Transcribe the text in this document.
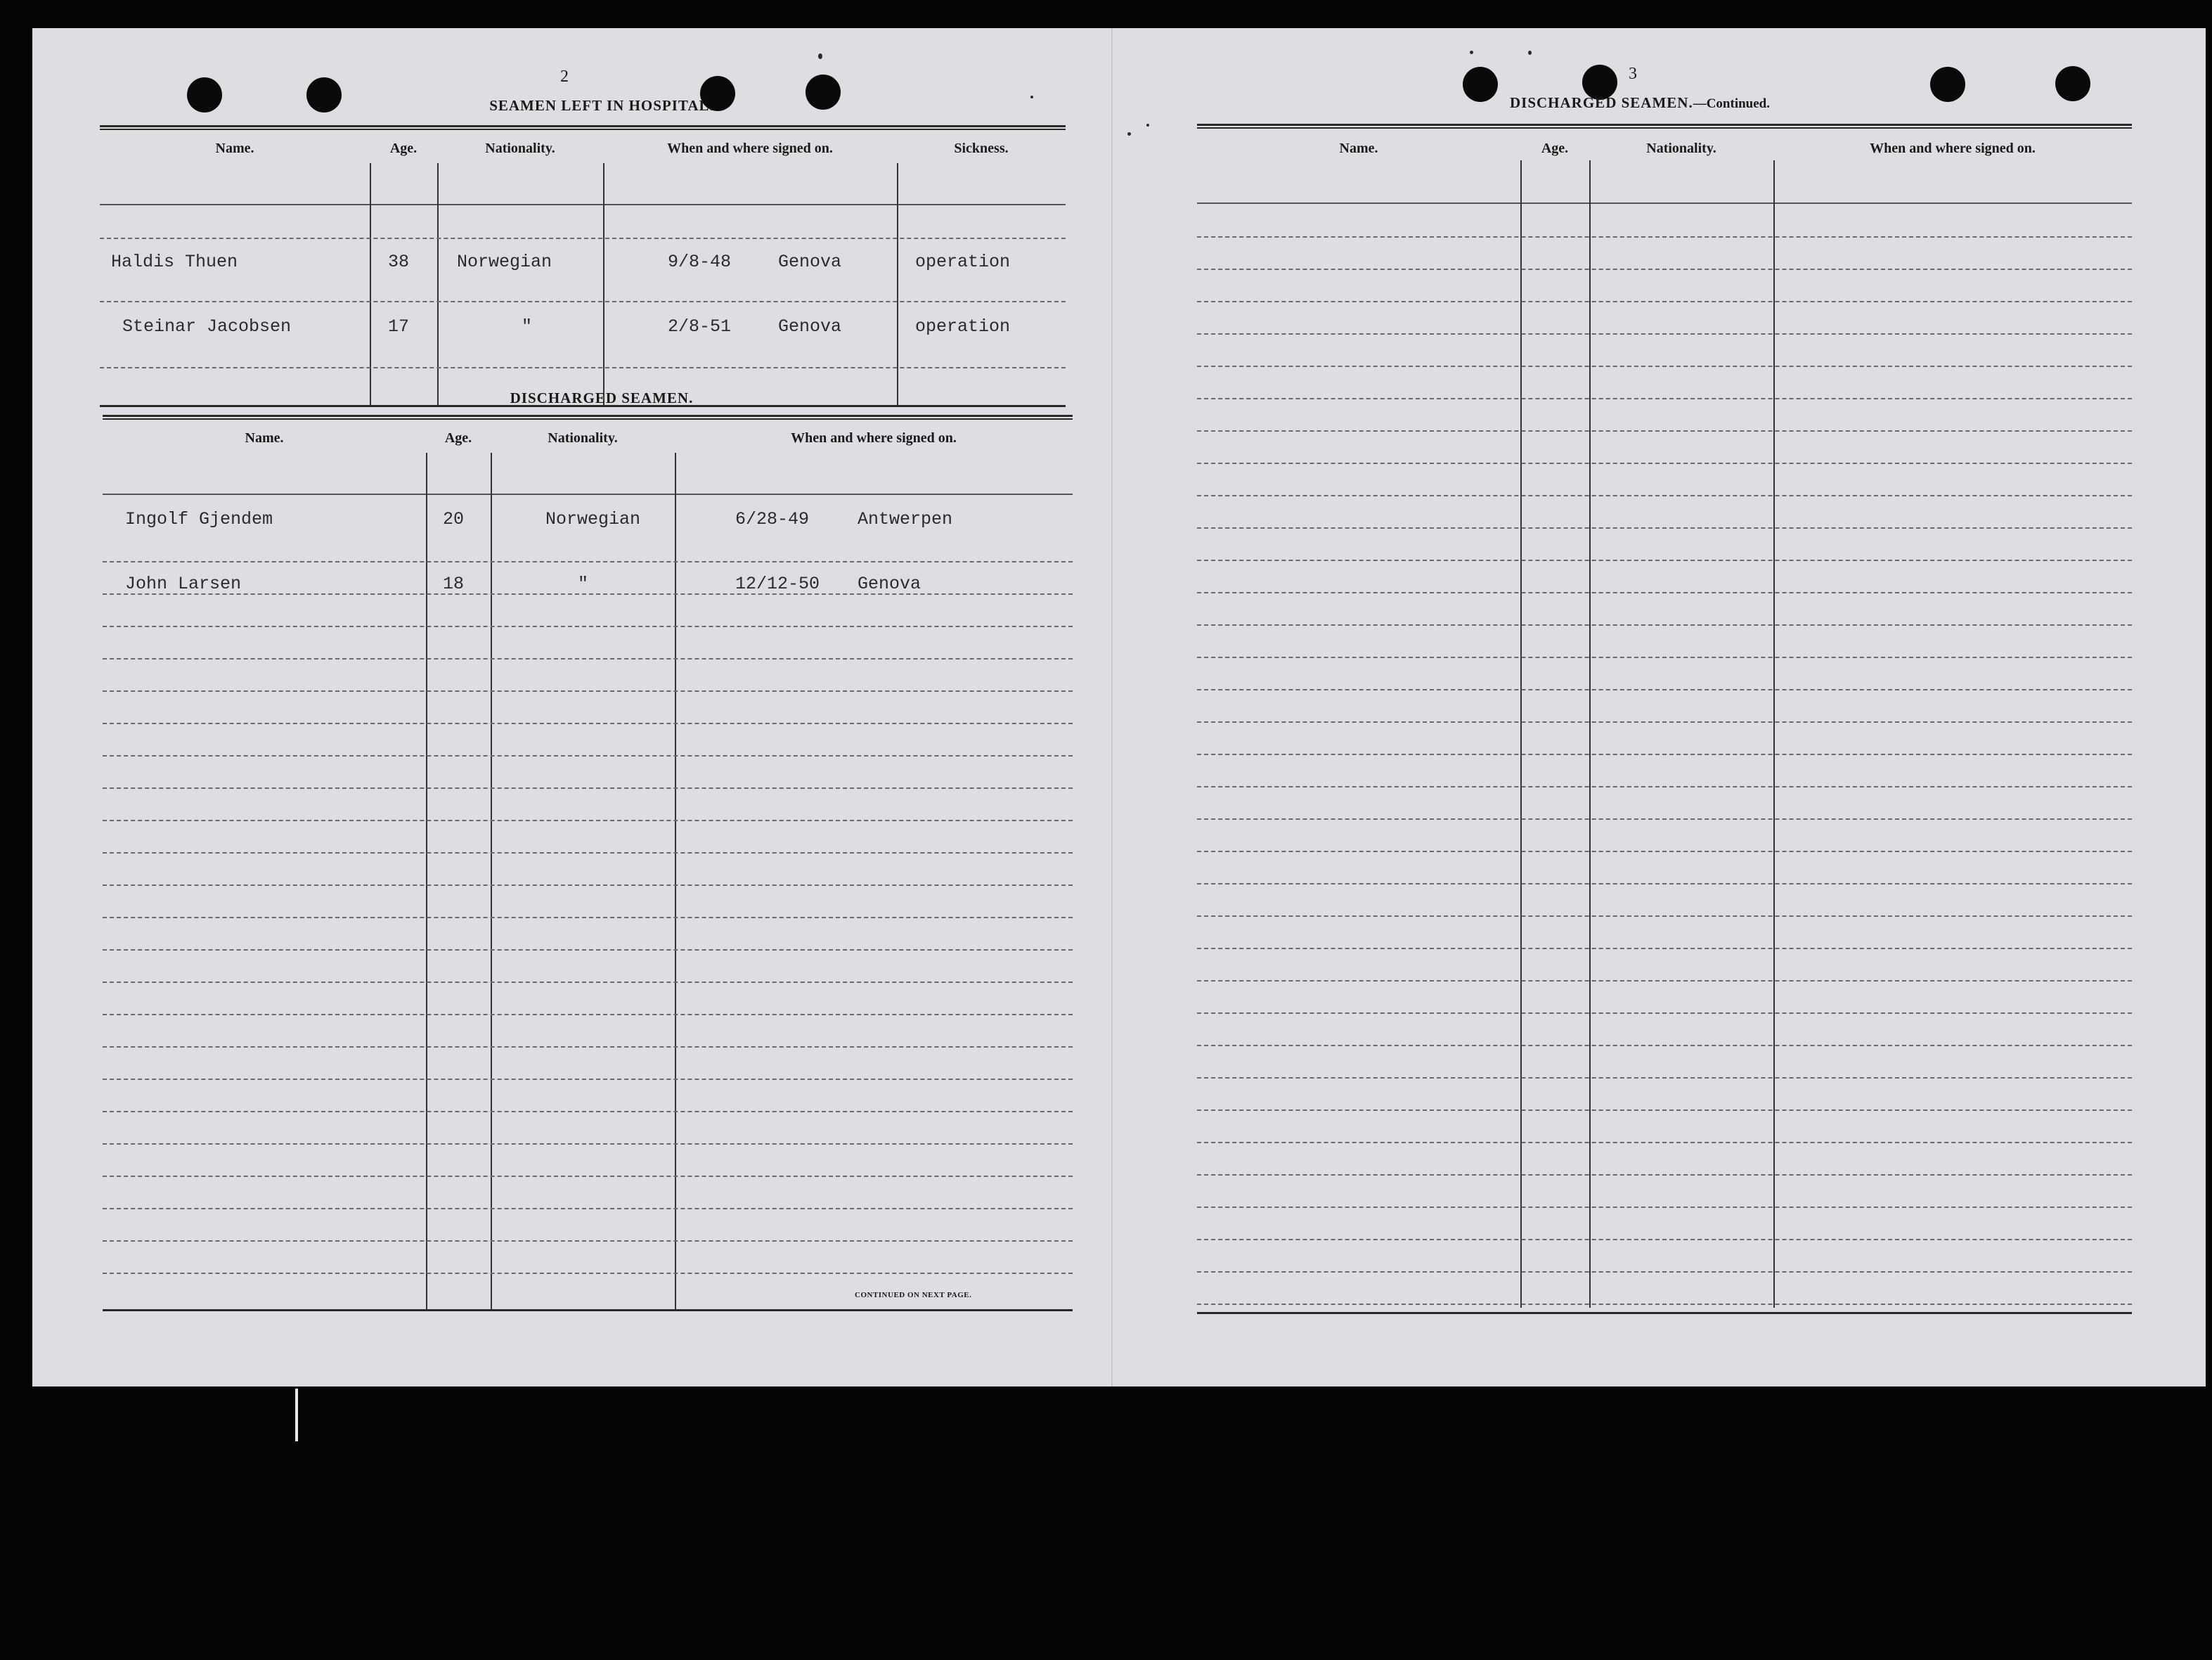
2
SEAMEN LEFT IN HOSPITAL.
Name.	Age.	Nationality.	When and where signed on.	Sickness.
Haldis Thuen	38	Norwegian	9/8-48	Genova	operation
Steinar Jacobsen	17	"	2/8-51	Genova	operation
DISCHARGED SEAMEN.
Name.	Age.	Nationality.	When and where signed on.
Ingolf Gjendem	20	Norwegian	6/28-49	Antwerpen
John Larsen	18	"	12/12-50 Genova
CONTINUED ON NEXT PAGE.
3
DISCHARGED SEAMEN.—Continued.
Name.	Age.	Nationality.	When and where signed on.
